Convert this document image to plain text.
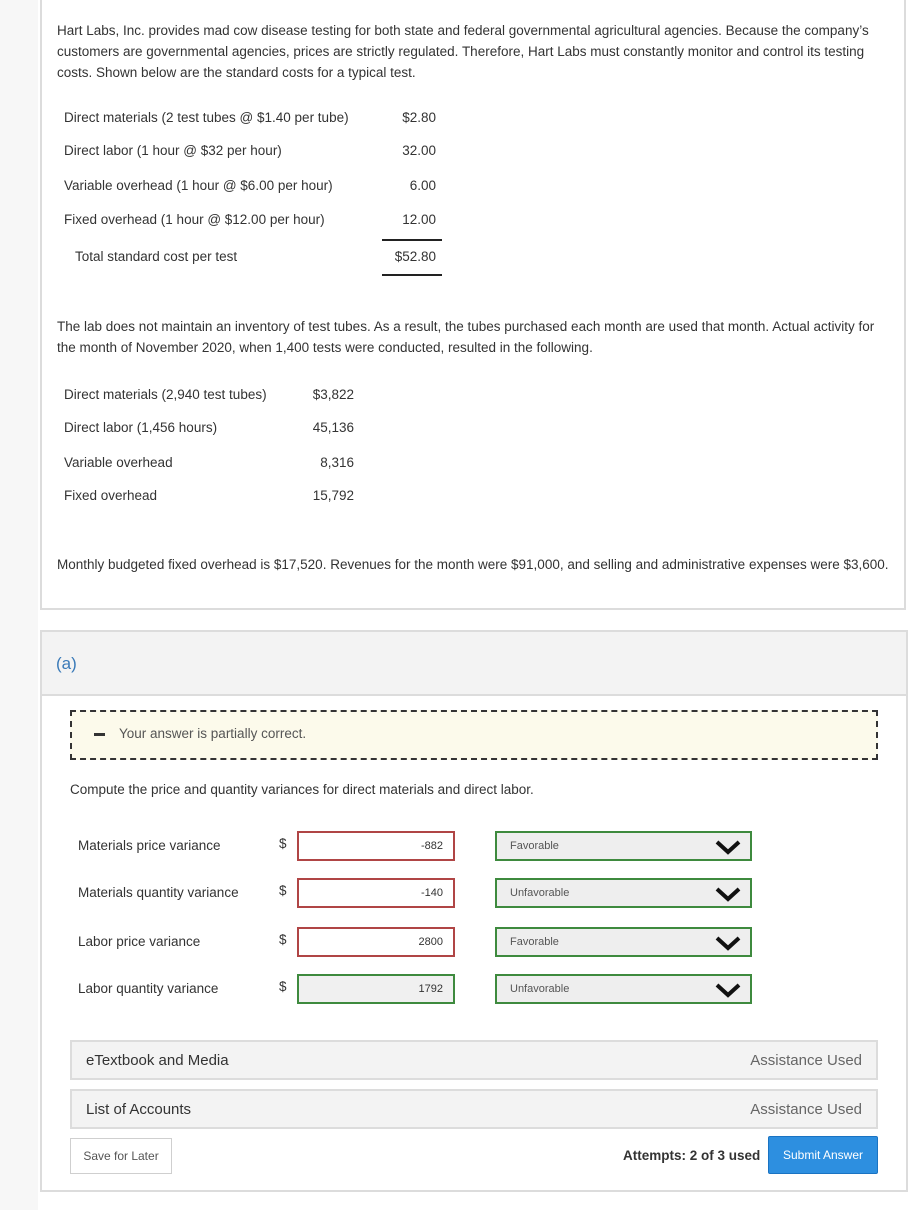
Hart Labs, Inc. provides mad cow disease testing for both state and federal governmental agricultural agencies. Because the company’s customers are governmental agencies, prices are strictly regulated. Therefore, Hart Labs must constantly monitor and control its testing costs. Shown below are the standard costs for a typical test.
Direct materials (2 test tubes @ $1.40 per tube)	$2.80
Direct labor (1 hour @ $32 per hour)	32.00
Variable overhead (1 hour @ $6.00 per hour)	6.00
Fixed overhead (1 hour @ $12.00 per hour)	12.00
Total standard cost per test	$52.80
The lab does not maintain an inventory of test tubes. As a result, the tubes purchased each month are used that month. Actual activity for the month of November 2020, when 1,400 tests were conducted, resulted in the following.
Direct materials (2,940 test tubes)	$3,822
Direct labor (1,456 hours)	45,136
Variable overhead	8,316
Fixed overhead	15,792
Monthly budgeted fixed overhead is $17,520. Revenues for the month were $91,000, and selling and administrative expenses were $3,600.
(a)
Your answer is partially correct.
Compute the price and quantity variances for direct materials and direct labor.
Materials price variance	$	-882	Favorable
Materials quantity variance	$	-140	Unfavorable
Labor price variance	$	2800	Favorable
Labor quantity variance	$	1792	Unfavorable
eTextbook and Media	Assistance Used
List of Accounts	Assistance Used
Save for Later	Attempts: 2 of 3 used	Submit Answer
